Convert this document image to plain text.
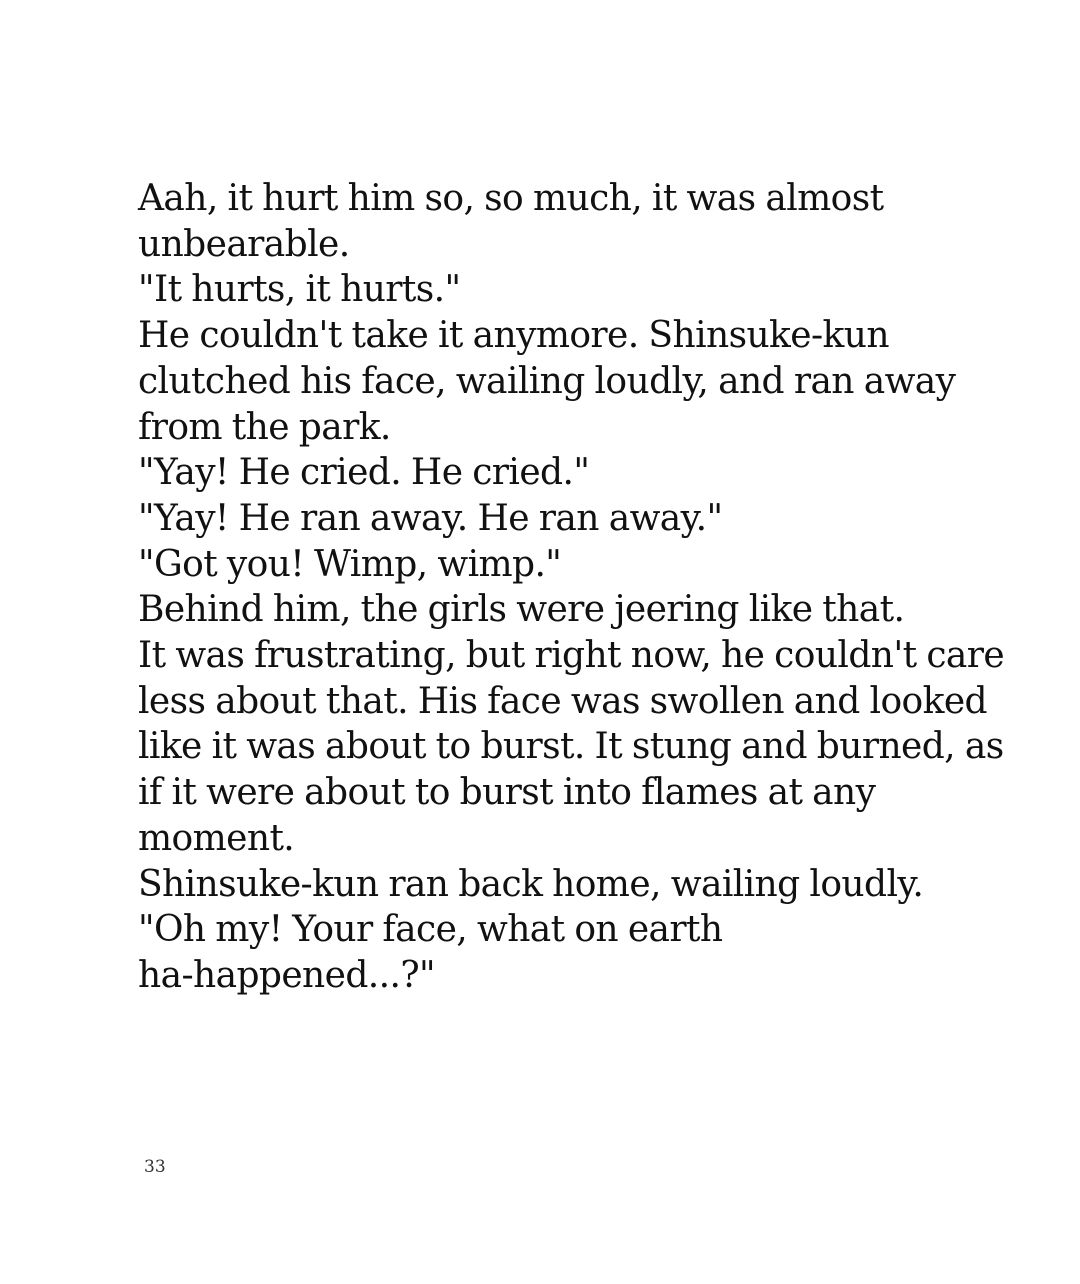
Aah, it hurt him so, so much, it was almost
unbearable.
"It hurts, it hurts."
He couldn't take it anymore. Shinsuke-kun
clutched his face, wailing loudly, and ran away
from the park.
"Yay! He cried. He cried."
"Yay! He ran away. He ran away."
"Got you! Wimp, wimp."
Behind him, the girls were jeering like that.
It was frustrating, but right now, he couldn't care
less about that. His face was swollen and looked
like it was about to burst. It stung and burned, as
if it were about to burst into flames at any
moment.
Shinsuke-kun ran back home, wailing loudly.
"Oh my! Your face, what on earth
ha-happened...?"
33
